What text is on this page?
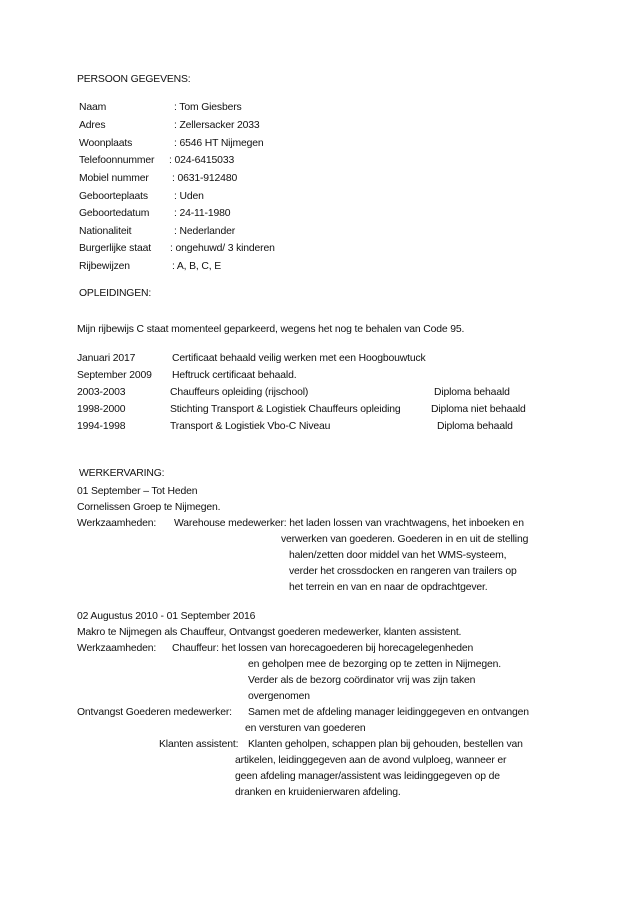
PERSOON GEGEVENS:
Naam	: Tom Giesbers
Adres	: Zellersacker 2033
Woonplaats	: 6546 HT Nijmegen
Telefoonnummer : 024-6415033
Mobiel nummer : 0631-912480
Geboorteplaats	: Uden
Geboortedatum : 24-11-1980
Nationaliteit	: Nederlander
Burgerlijke staat : ongehuwd/ 3 kinderen
Rijbewijzen	: A, B, C, E
OPLEIDINGEN:
Mijn rijbewijs C staat momenteel geparkeerd, wegens het nog te behalen van Code 95.
Januari 2017	Certificaat behaald veilig werken met een Hoogbouwtuck
September 2009 Heftruck certificaat behaald.
2003-2003	Chauffeurs opleiding (rijschool)	Diploma behaald
1998-2000	Stichting Transport & Logistiek Chauffeurs opleiding	Diploma niet behaald
1994-1998	Transport & Logistiek Vbo-C Niveau	Diploma behaald
WERKERVARING:
01 September – Tot Heden
Cornelissen Groep te Nijmegen.
Werkzaamheden: Warehouse medewerker: het laden lossen van vrachtwagens, het inboeken en
verwerken van goederen. Goederen in en uit de stelling
halen/zetten door middel van het WMS-systeem,
verder het crossdocken en rangeren van trailers op
het terrein en van en naar de opdrachtgever.
02 Augustus 2010 - 01 September 2016
Makro te Nijmegen als Chauffeur, Ontvangst goederen medewerker, klanten assistent.
Werkzaamheden: Chauffeur: het lossen van horecagoederen bij horecagelegenheden
en geholpen mee de bezorging op te zetten in Nijmegen.
Verder als de bezorg coördinator vrij was zijn taken
overgenomen
Ontvangst Goederen medewerker: Samen met de afdeling manager leidinggegeven en ontvangen
en versturen van goederen
Klanten assistent: Klanten geholpen, schappen plan bij gehouden, bestellen van
artikelen, leidinggegeven aan de avond vulploeg, wanneer er
geen afdeling manager/assistent was leidinggegeven op de
dranken en kruidenierwaren afdeling.
